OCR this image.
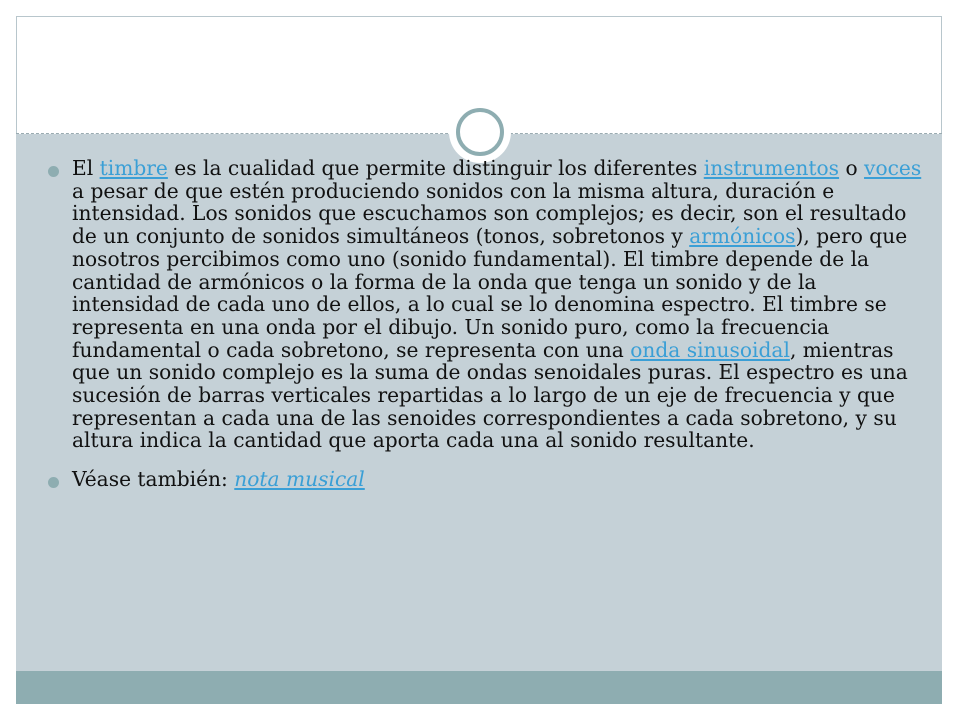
El timbre es la cualidad que permite distinguir los diferentes instrumentos o voces a pesar de que estén produciendo sonidos con la misma altura, duración e intensidad. Los sonidos que escuchamos son complejos; es decir, son el resultado de un conjunto de sonidos simultáneos (tonos, sobretonos y armónicos), pero que nosotros percibimos como uno (sonido fundamental). El timbre depende de la cantidad de armónicos o la forma de la onda que tenga un sonido y de la intensidad de cada uno de ellos, a lo cual se lo denomina espectro. El timbre se representa en una onda por el dibujo. Un sonido puro, como la frecuencia fundamental o cada sobretono, se representa con una onda sinusoidal, mientras que un sonido complejo es la suma de ondas senoidales puras. El espectro es una sucesión de barras verticales repartidas a lo largo de un eje de frecuencia y que representan a cada una de las senoides correspondientes a cada sobretono, y su altura indica la cantidad que aporta cada una al sonido resultante.
Véase también: nota musical
